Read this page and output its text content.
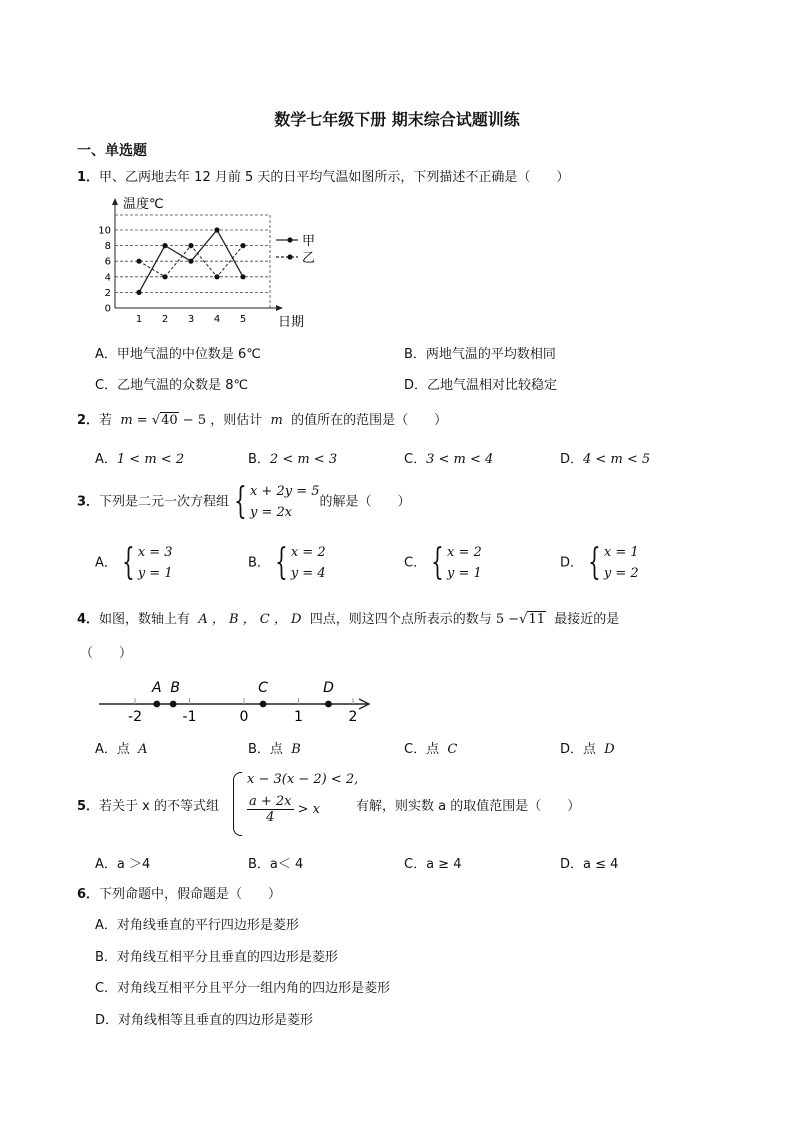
数学七年级下册 期末综合试题训练
一、单选题
1．甲、乙两地去年 12 月前 5 天的日平均气温如图所示，下列描述不正确是（　　）
温度℃
日期
0
2
4
6
8
10
1 2 3 4 5
甲
乙
A．甲地气温的中位数是 6℃	B．两地气温的平均数相同
C．乙地气温的众数是 8℃	D．乙地气温相对比较稳定
2．若 m = √40 − 5 ，则估计 m 的值所在的范围是（　　）
A．1 < m < 2	B．2 < m < 3	C．3 < m < 4	D．4 < m < 5
3．下列是二元一次方程组 { x + 2y = 5
y = 2x
的解是（　　）
A． { x = 3
y = 1
B． { x = 2
y = 4
C． { x = 2
y = 1
D． { x = 1
y = 2
4．如图，数轴上有 A ， B ， C ， D 四点，则这四个点所表示的数与 5 −√11 最接近的是
（　　）
-2	-1	0	1	2
A B	C	D
A．点 A	B．点 B	C．点 C	D．点 D
5．若关于 x 的不等式组
x − 3(x − 2) < 2,
$\frac{a + 2x}{4} > x$	有解，则实数 a 的取值范围是（　　）
A．a ＞4	B．a＜ 4	C．a ≥ 4	D．a ≤ 4
6．下列命题中，假命题是（　　）
A．对角线垂直的平行四边形是菱形
B．对角线互相平分且垂直的四边形是菱形
C．对角线互相平分且平分一组内角的四边形是菱形
D．对角线相等且垂直的四边形是菱形
